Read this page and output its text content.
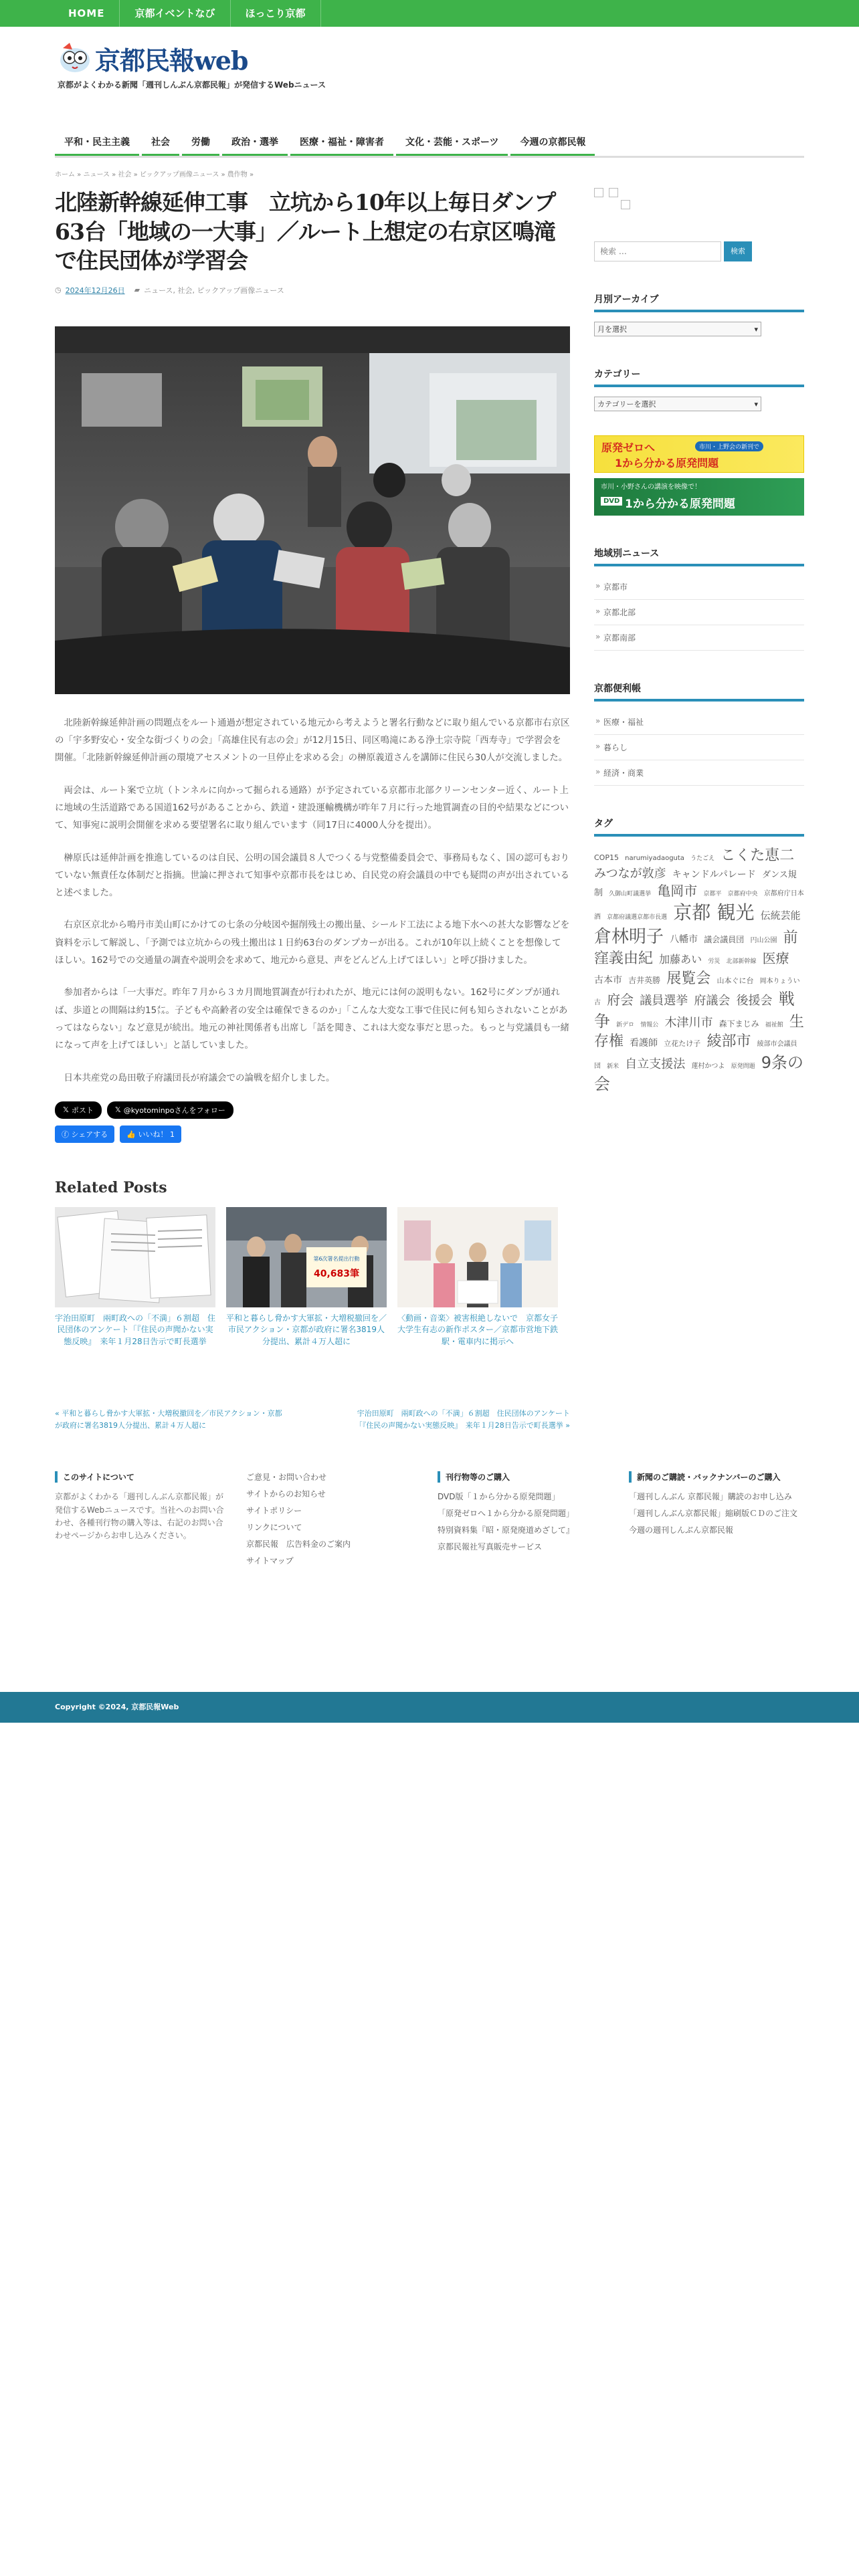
HOME	京都イベントなび	ほっこり京都
京都民報web
京都がよくわかる新聞「週刊しんぶん京都民報」が発信するWebニュース
平和・民主主義	社会	労働	政治・選挙	医療・福祉・障害者	文化・芸能・スポーツ	今週の京都民報
ホーム » ニュース » 社会 » ピックアップ画像ニュース » 農作物 »
北陸新幹線延伸工事　立坑から10年以上毎日ダンプ63台「地域の一大事」／ルート上想定の右京区鳴滝で住民団体が学習会
◷ 2024年12月26日 ▰ ニュース, 社会, ピックアップ画像ニュース

北陸新幹線延伸計画の問題点をルート通過が想定されている地元から考えようと署名行動などに取り組んでいる京都市右京区の「宇多野安心・安全な街づくりの会」「高雄住民有志の会」が12月15日、同区鳴滝にある浄土宗寺院「西寿寺」で学習会を開催。「北陸新幹線延伸計画の環境アセスメントの一旦停止を求める会」の榊原義道さんを講師に住民ら30人が交流しました。

両会は、ルート案で立坑（トンネルに向かって掘られる通路）が予定されている京都市北部クリーンセンター近く、ルート上に地域の生活道路である国道162号があることから、鉄道・建設運輸機構が昨年７月に行った地質調査の目的や結果などについて、知事宛に説明会開催を求める要望署名に取り組んでいます（同17日に4000人分を提出）。

榊原氏は延伸計画を推進しているのは自民、公明の国会議員８人でつくる与党整備委員会で、事務局もなく、国の認可もおりていない無責任な体制だと指摘。世論に押されて知事や京都市長をはじめ、自民党の府会議員の中でも疑問の声が出されていると述べました。

右京区京北から鳴丹市美山町にかけての七条の分岐図や掘削残土の搬出量、シールド工法による地下水への甚大な影響などを資料を示して解説し、「予測では立坑からの残土搬出は１日約63台のダンプカーが出る。これが10年以上続くことを想像してほしい。162号での交通量の調査や説明会を求めて、地元から意見、声をどんどん上げてほしい」と呼び掛けました。

参加者からは「一大事だ。昨年７月から３カ月間地質調査が行われたが、地元には何の説明もない。162号にダンプが通れば、歩道との間隔は約15㍍。子どもや高齢者の安全は確保できるのか」「こんな大変な工事で住民に何も知らされないことがあってはならない」など意見が続出。地元の神社関係者も出席し「話を聞き、これは大変な事だと思った。もっと与党議員も一緒になって声を上げてほしい」と話していました。

日本共産党の島田敬子府議団長が府議会での論戦を紹介しました。

𝕏 ポスト	𝕏 @kyotominpoさんをフォロー
ⓕ シェアする	👍 いいね！ 1
Related Posts
宇治田原町　兩町政への「不満」６割超　住民団体のアンケート「『住民の声聞かない実態反映』　来年１月28日告示で町長選挙
第6次署名提出行動
40,683筆
平和と暮らし脅かす大軍拡・大増税撤回を／市民アクション・京都が政府に署名3819人分提出、累計４万人超に
〈動画・音楽〉被害根絶しないで　京都女子大学生有志の新作ポスター／京都市営地下鉄駅・電車内に掲示へ
« 平和と暮らし脅かす大軍拡・大増税撤回を／市民アクション・京都が政府に署名3819人分提出、累計４万人超に
宇治田原町　兩町政への「不満」６割超　住民団体のアンケート「『住民の声聞かない実態反映』　来年１月28日告示で町長選挙 »

検索 …
検索
月別アーカイブ
月を選択	▾
カテゴリー
カテゴリーを選択	▾
原発ゼロへ	市川・上野会の新刊で
1から分かる原発問題
市川・小野さんの講演を映像で！
DVD 1から分かる原発問題
地域別ニュース
» 京都市
» 京都北部
» 京都南部
京都便利帳
» 医療・福祉
» 暮らし
» 経済・商業
タグ
COP15 narumiyadaoguta うたごえ こくた恵二 みつなが敦彦 キャンドルパレード ダンス規制 久御山町議選挙 亀岡市 京都平 京都府中央 京都府庁日本酒 京都府議選京都市長選 京都 観光 伝統芸能 倉林明子 八幡市 議会議員団 円山公園 前窪義由紀 加藤あい 労災 北部新幹線 医療 古本市 吉井英勝 展覧会 山本ぐに台 岡本りょうい古 府会 議員選挙 府議会 後援会 戦争 新デロ 情報公 木津川市 森下まじみ 福祉館 生存権 看護師 立花たけ子 綾部市 綾部市会議員団 新米 自立支援法 蓮村かつよ 原発問題 9条の会
このサイトについて
京都がよくわかる「週刊しんぶん京都民報」が発信するWebニュースです。当社へのお問い合わせ、各種刊行物の購入等は、右記のお問い合わせページからお申し込みください。
ご意見・お問い合わせ
サイトからのお知らせ
サイトポリシー
リンクについて
京都民報　広告料金のご案内
サイトマップ
刊行物等のご購入
DVD版「１から分かる原発問題」
「原発ゼロへ１から分かる原発問題」
特別資料集『昭・原発廃道めざして』
京都民報社写真販売サービス
新聞のご購読・バックナンバーのご購入
「週刊しんぶん 京都民報」購読のお申し込み
「週刊しんぶん京都民報」縮刷版ＣＤのご注文
今週の週刊しんぶん京都民報
Copyright ©2024, 京都民報Web
